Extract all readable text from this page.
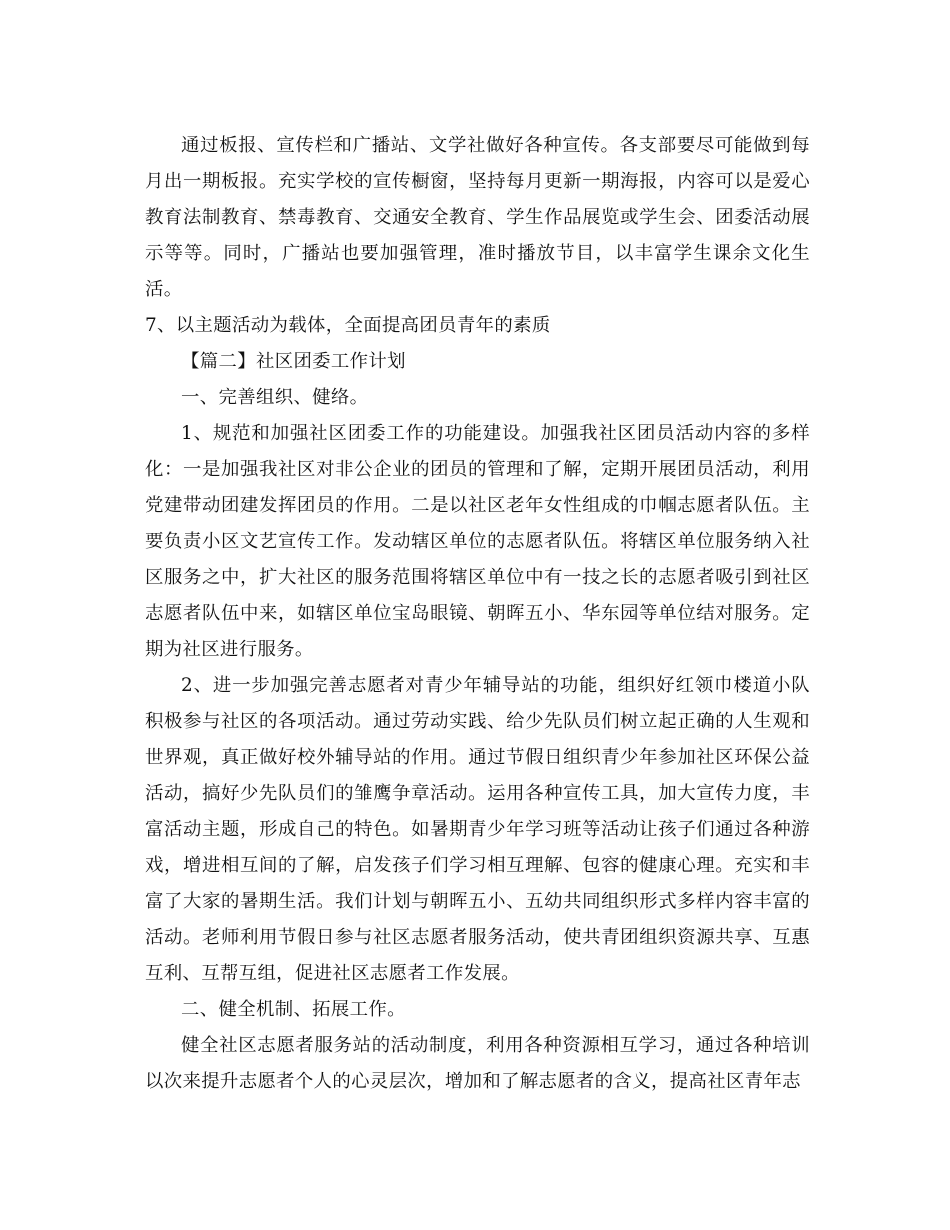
通过板报、宣传栏和广播站、文学社做好各种宣传。各支部要尽可能做到每月出一期板报。充实学校的宣传橱窗，坚持每月更新一期海报，内容可以是爱心教育法制教育、禁毒教育、交通安全教育、学生作品展览或学生会、团委活动展示等等。同时，广播站也要加强管理，准时播放节目，以丰富学生课余文化生活。

7、以主题活动为载体，全面提高团员青年的素质

【篇二】社区团委工作计划

一、完善组织、健络。

1、规范和加强社区团委工作的功能建设。加强我社区团员活动内容的多样化：一是加强我社区对非公企业的团员的管理和了解，定期开展团员活动，利用党建带动团建发挥团员的作用。二是以社区老年女性组成的巾帼志愿者队伍。主要负责小区文艺宣传工作。发动辖区单位的志愿者队伍。将辖区单位服务纳入社区服务之中，扩大社区的服务范围将辖区单位中有一技之长的志愿者吸引到社区志愿者队伍中来，如辖区单位宝岛眼镜、朝晖五小、华东园等单位结对服务。定期为社区进行服务。

2、进一步加强完善志愿者对青少年辅导站的功能，组织好红领巾楼道小队积极参与社区的各项活动。通过劳动实践、给少先队员们树立起正确的人生观和世界观，真正做好校外辅导站的作用。通过节假日组织青少年参加社区环保公益活动，搞好少先队员们的雏鹰争章活动。运用各种宣传工具，加大宣传力度，丰富活动主题，形成自己的特色。如暑期青少年学习班等活动让孩子们通过各种游戏，增进相互间的了解，启发孩子们学习相互理解、包容的健康心理。充实和丰富了大家的暑期生活。我们计划与朝晖五小、五幼共同组织形式多样内容丰富的活动。老师利用节假日参与社区志愿者服务活动，使共青团组织资源共享、互惠互利、互帮互组，促进社区志愿者工作发展。

二、健全机制、拓展工作。

健全社区志愿者服务站的活动制度，利用各种资源相互学习，通过各种培训以次来提升志愿者个人的心灵层次，增加和了解志愿者的含义，提高社区青年志
